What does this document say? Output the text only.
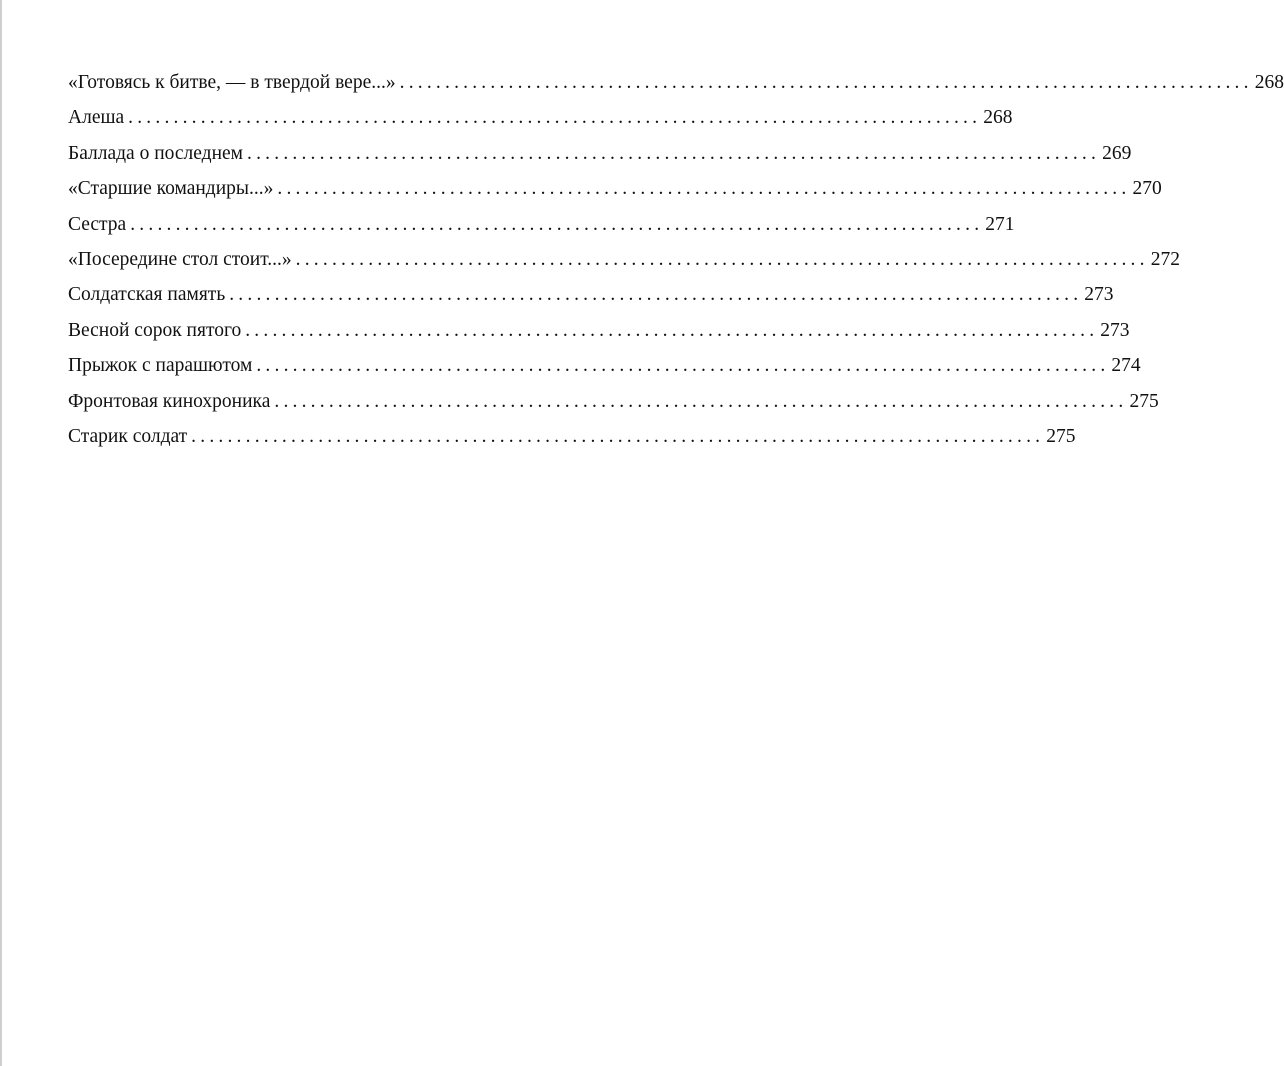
«Готовясь к битве, — в твердой вере...» .............................................................................................. 268
Алеша .............................................................................................. 268
Баллада о последнем .............................................................................................. 269
«Старшие командиры...» .............................................................................................. 270
Сестра .............................................................................................. 271
«Посередине стол стоит...» .............................................................................................. 272
Солдатская память .............................................................................................. 273
Весной сорок пятого .............................................................................................. 273
Прыжок с парашютом .............................................................................................. 274
Фронтовая кинохроника .............................................................................................. 275
Старик солдат .............................................................................................. 275
